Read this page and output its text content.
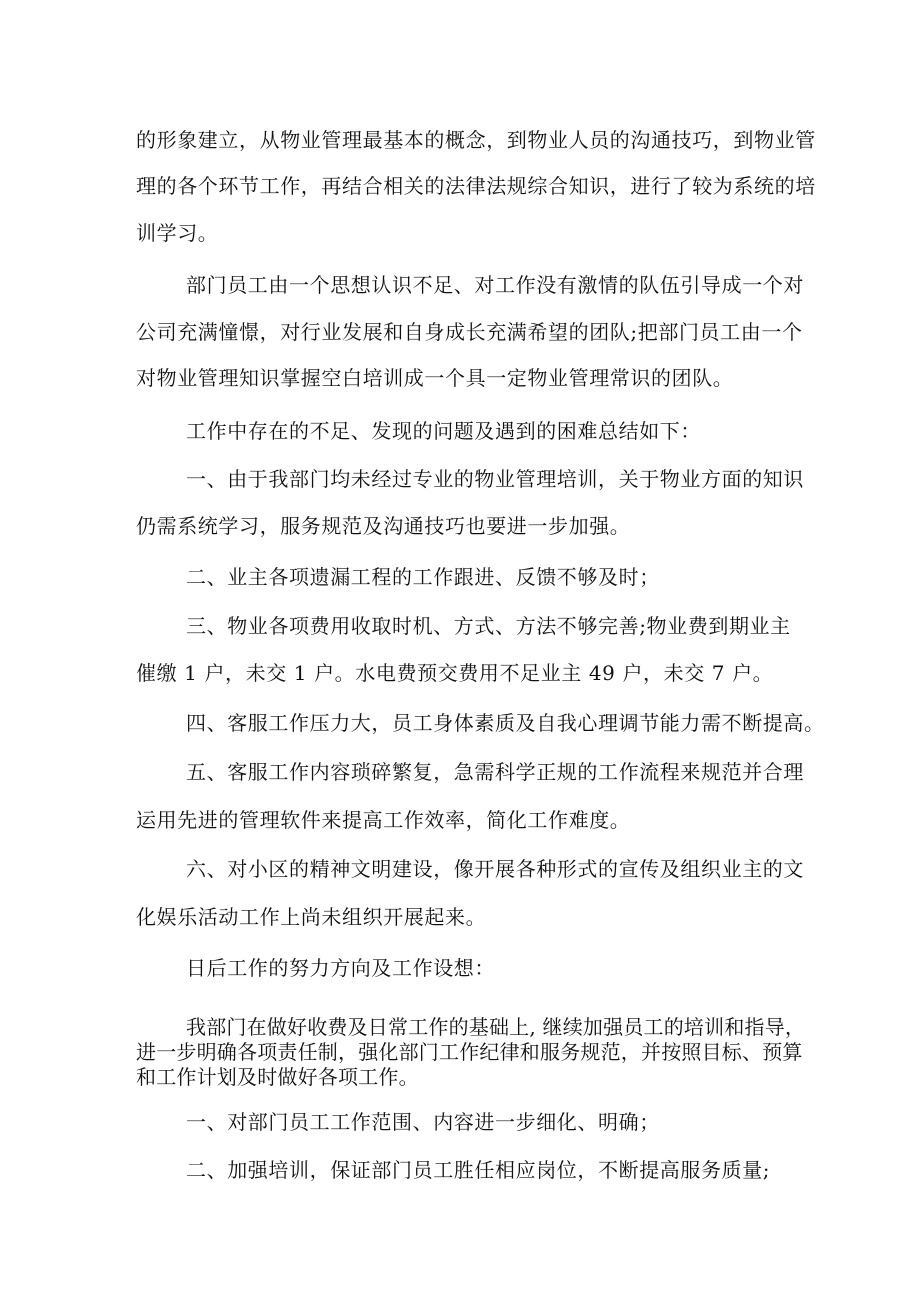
的形象建立，从物业管理最基本的概念，到物业人员的沟通技巧，到物业管
理的各个环节工作，再结合相关的法律法规综合知识，进行了较为系统的培
训学习。
部门员工由一个思想认识不足、对工作没有激情的队伍引导成一个对
公司充满憧憬，对行业发展和自身成长充满希望的团队;把部门员工由一个
对物业管理知识掌握空白培训成一个具一定物业管理常识的团队。
工作中存在的不足、发现的问题及遇到的困难总结如下：
一、由于我部门均未经过专业的物业管理培训，关于物业方面的知识
仍需系统学习，服务规范及沟通技巧也要进一步加强。
二、业主各项遗漏工程的工作跟进、反馈不够及时；
三、物业各项费用收取时机、方式、方法不够完善;物业费到期业主
催缴 1 户，未交 1 户。水电费预交费用不足业主 49 户，未交 7 户。
四、客服工作压力大，员工身体素质及自我心理调节能力需不断提高。
五、客服工作内容琐碎繁复，急需科学正规的工作流程来规范并合理
运用先进的管理软件来提高工作效率，简化工作难度。
六、对小区的精神文明建设，像开展各种形式的宣传及组织业主的文
化娱乐活动工作上尚未组织开展起来。
日后工作的努力方向及工作设想：
我部门在做好收费及日常工作的基础上, 继续加强员工的培训和指导，
进一步明确各项责任制，强化部门工作纪律和服务规范，并按照目标、预算
和工作计划及时做好各项工作。
一、对部门员工工作范围、内容进一步细化、明确；
二、加强培训，保证部门员工胜任相应岗位，不断提高服务质量;
